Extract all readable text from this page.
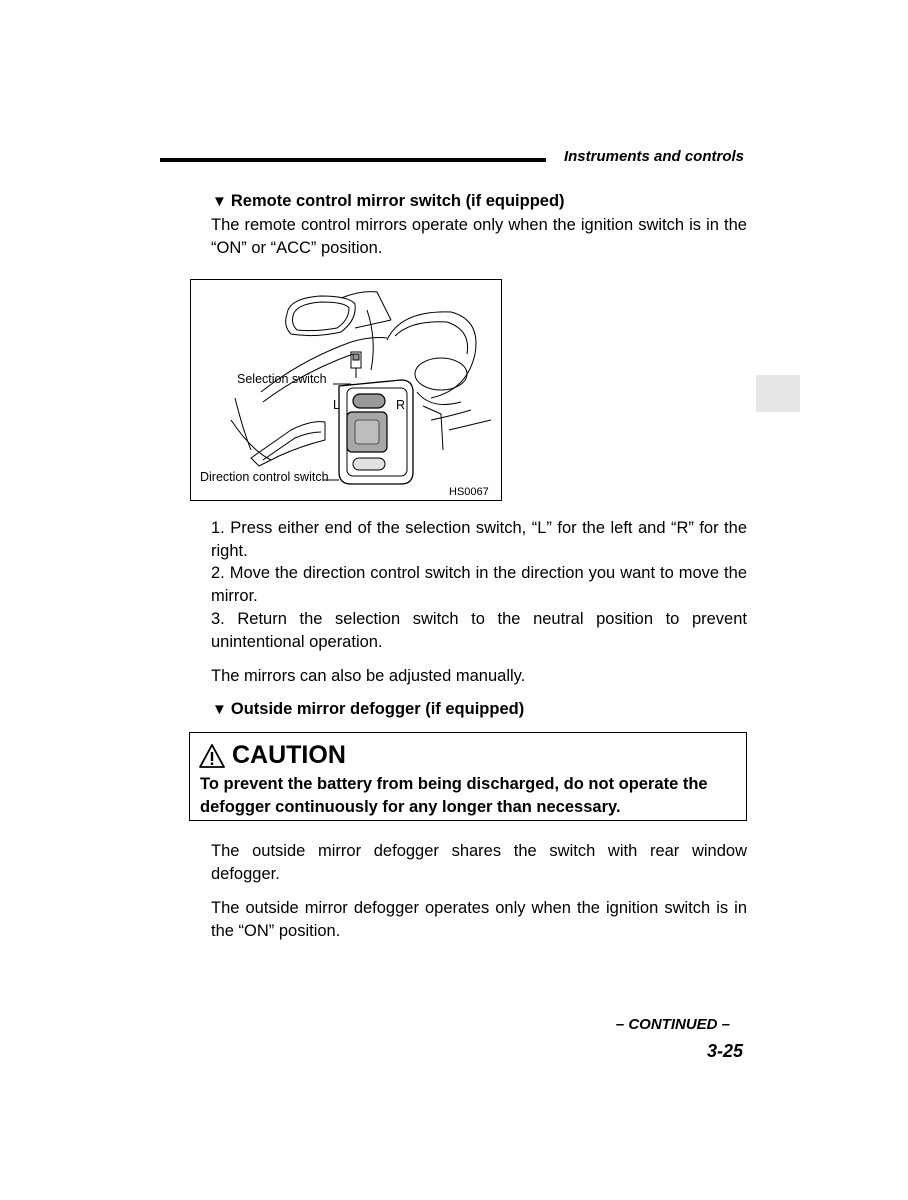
Instruments and controls
▼ Remote control mirror switch (if equipped)
The remote control mirrors operate only when the ignition switch is in the “ON” or “ACC” position.
Selection switch
L	R
Direction control switch
HS0067
1. Press either end of the selection switch, “L” for the left and “R” for the right.
2. Move the direction control switch in the direction you want to move the mirror.
3. Return the selection switch to the neutral position to prevent unintentional operation.
The mirrors can also be adjusted manually.
▼ Outside mirror defogger (if equipped)
CAUTION
To prevent the battery from being discharged, do not operate the defogger continuously for any longer than necessary.
The outside mirror defogger shares the switch with rear window defogger.
The outside mirror defogger operates only when the ignition switch is in the “ON” position.
– CONTINUED –
3-25
